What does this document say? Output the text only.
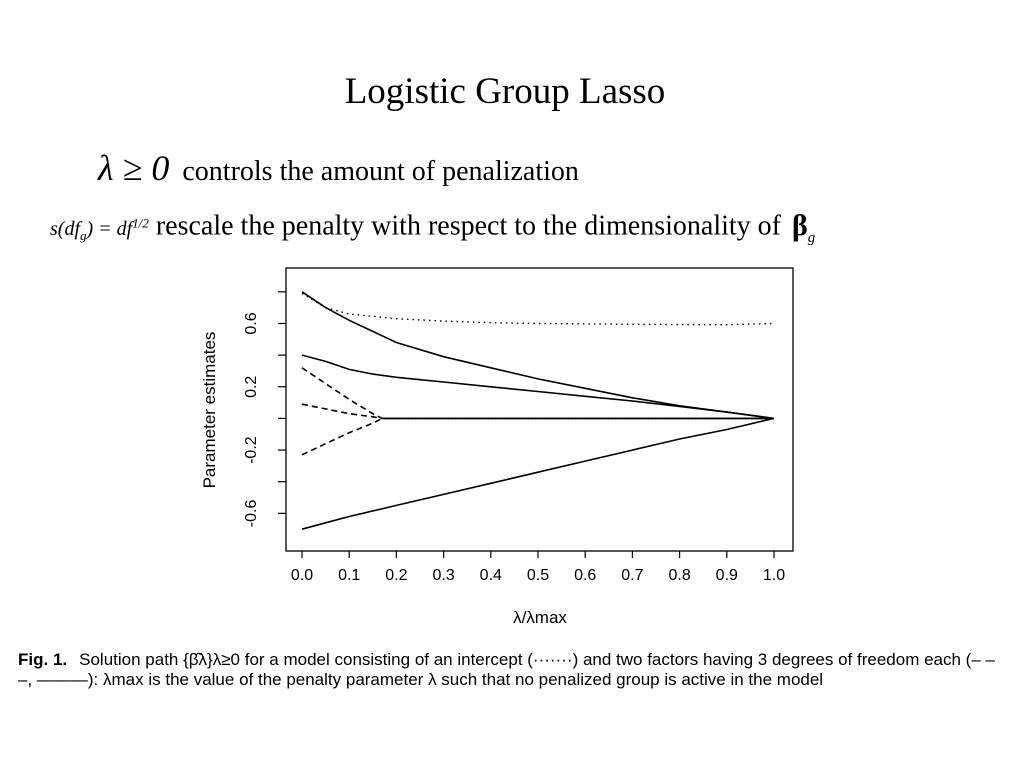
Logistic Group Lasso
λ ≥ 0 controls the amount of penalization
$s(df_g) = df^{1/2}$ rescale the penalty with respect to the dimensionality of $\beta_g$
0.0 0.1 0.2 0.3 0.4 0.5 0.6 0.7 0.8 0.9 1.0
-0.6
-0.2
0.2
0.6
λ/λmax
Parameter estimates
Fig. 1. Solution path {β̂λ}λ≥0 for a model consisting of an intercept (·······) and two factors having 3 degrees of freedom each (– – –, ———): λmax is the value of the penalty parameter λ such that no penalized group is active in the model
